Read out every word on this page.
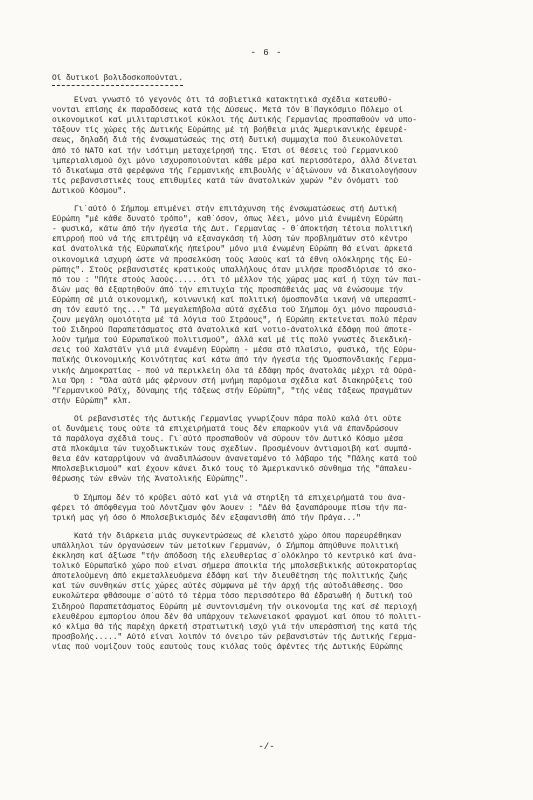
- 6 -
Οί δυτικοί βολιδοσκοπούνται.
Είναι γνωστό τό γεγονός ότι τά σοβιετικά κατακτητικά σχέδια κατευθύ-
νονται επίσης έκ παραδόσεως κατά τής Δύσεως. Μετά τόν Β΄Παγκόσμιο Πόλεμο οί
οικονομικοί καί μιλιταριστικοί κύκλοι τής Δυτικής Γερμανίας προσπαθούν νά υπο-
τάξουν τίς χώρες τής Δυτικής Εύρώπης μέ τή βοήθεια μιάς Άμερικανικής έφευρέ-
σεως, δηλαδή διά τής ένσωματώσεώς της στή δυτική συμμαχία πού διευκολύνεται
άπό τό ΝΑΤΟ καί τήν ισότιμη μεταχείρησή της. Έτσι οί θέσεις τού Γερμανικού
ιμπεριαλισμού όχι μόνο ισχυροποιούνται κάθε μέρα καί περισσότερο, άλλά δίνεται
τό δικαίωμα στά φερέφωνα τής Γερμανικής επιβουλής ν΄άξιώνουν νά δικαιολογήσουν
τίς ρεβανσιστικές τους επιθυμίες κατά τών άνατολικών χωρών "έν όνόματι τού
Δυτικού Κόσμου".
Γι΄αύτό ό Σήμπομ επιμένει στήν επιτάχυνση τής ένσωματώσεως στή Δυτική
Εύρώπη "μέ κάθε δυνατό τρόπο", καθ΄όσον, όπως λέει, μόνο μιά ένωμένη Εύρώπη
- φυσικά, κάτω άπό τήν ήγεσία τής Δυτ. Γερμανίας - θ΄άποκτήση τέτοια πολιτική
επιρροή πού νά τής επιτρέψη νά εξαναγκάση τή λύση τών προβλημάτων στό κέντρο
καί άνατολικά τής Εύρωπαϊκής ήπείρου" μόνο μιά ένωμένη Εύρώπη θά είναι άρκετά
οικονομικά ισχυρή ώστε νά προσελκύση τούς λαούς καί τά έθνη ολόκληρης τής Εύ-
ρώπης". Στούς ρεβανσιστές κρατικούς υπαλλήλους όταν μιλήσε προσδιόρισε τό σκο-
πό του : "Πήτε στούς λαούς..... ότι τό μέλλον τής χώρας μας καί ή τύχη τών παι-
διών μας θά έξαρτηθούν άπό τήν επιτυχία τής προσπάθειάς μας νά ένώσουμε τήν
Εύρώπη σέ μιά οικονομική, κοινωνική καί πολιτική όμοσπονδία ικανή νά υπερασπί-
ση τόν εαυτό της..." Τά μεγαλεπήβολα αύτά σχέδια τού Σήμπομ όχι μόνο παρουσιά-
ζουν μεγάλη ομοιότητα μέ τά λόγια τού Στράους", ή Εύρώπη εκτείνεται πολύ πέραν
τού Σιδηρού Παραπετάσματος στά άνατολικά καί νοτιο-άνατολικά έδάφη πού άποτε-
λούν τμήμα τού Εύρωπαϊκού πολιτισμού", άλλά καί μέ τίς πολύ γνωστές διεκδική-
σεις τού Χαλστάϊν γιά μιά ένωμένη Εύρώπη - μέσα στό πλαίσιο, φυσικά, τής Εύρω-
παϊκής Οικονομικής Κοινότητας καί κάτω άπό τήν ήγεσία τής Όμοσπονδιακής Γερμα-
νικής Δημοκρατίας - πού νά περικλείη όλα τά έδάφη πρός άνατολάς μέχρι τά Ούρά-
λια Όρη : "Όλα αύτά μάς φέρνουν στή μνήμη παρόμοια σχέδια καί διακηρύξεις τού
"Γερμανικού Ράϊχ, δύναμης τής τάξεως στήν Εύρώπη", "τής νέας τάξεως πραγμάτων
στήν Εύρώπη" κλπ.
Οί ρεβανσιστές τής Δυτικής Γερμανίας γνωρίζουν πάρα πολύ καλά ότι ούτε
οί δυνάμεις τους ούτε τά επιχειρήματά τους δέν επαρκούν γιά νά έπανδρώσουν
τά παράλογα σχέδιά τους. Γι΄αύτό προσπαθούν νά σύρουν τόν Δυτικό Κόσμο μέσα
στά πλοκάμια τών τυχοδιωκτικών τους σχεδίων. Προσμένουν άντιαμοιβή καί συμπά-
θεια έάν καταρρίψουν νά άναδιπλώσουν άνανεταμένο τό λάβαρο τής "Πάλης κατά τού
Μπολσεβικισμού" καί έχουν κάνει δικό τους τό Άμερικανικό σύνθημα τής "άπαλευ-
θέρωσης τών εθνών τής Άνατολικής Εύρώπης".
Ό Σήμπομ δέν τό κρύβει αύτό καί γιά νά στηρίξη τά επιχειρήματά του άνα-
φέρει τό άπόφθεγμα τού Λόντζμαν φόν Άουεν : "Δέν θά ξαναπάρουμε πίσω τήν πα-
τρική μας γή όσο ό Μπολσεβικισμός δέν εξαφανισθή άπό τήν Πράγα..."
Κατά τήν διάρκεια μιάς συγκεντρώσεως σέ κλειστό χώρο όπου παρευρέθηκαν
υπάλληλοι τών όργανώσεων τών μετοίκων Γερμανών, ό Σήμπομ άπηύθυνε πολιτική
έκκληση καί άξίωσε "τήν άπόδοση τής ελευθερίας σ΄ολόκληρο τό κεντρικό καί άνα-
τολικό Εύρωπαϊκό χώρο πού είναι σήμερα άποικία τής μπολσεβικικής αύτοκρατορίας
άποτελούμενη άπό εκμεταλλευόμενα έδάφη καί τήν διευθέτηση τής πολιτικής ζωής
καί τών συνθηκών στίς χώρες αύτές σύμφωνα μέ τήν άρχή τής αύτοδιάθεσης. Όσο
ευκολώτερα φθάσουμε σ΄αύτό τό τέρμα τόσο περισσότερο θά έδραιωθή ή δυτική τού
Σιδηρού Παραπετάσματος Εύρώπη μέ συντονισμένη τήν οικονομία της καί σέ περιοχή
ελευθέρου εμπορίου όπου δέν θά υπάρχουν τελωνειακοί φραγμοί καί όπου τό πολιτι-
κό κλίμα θά τής παρέχη άρκετή στρατιωτική ισχύ γιά τήν υπεράσπισή της κατά τής
προσβολής....." Αύτό είναι λοιπόν τό όνειρο τών ρεβανσιστών τής Δυτικής Γερμα-
νίας πού νομίζουν τούς εαυτούς τους κιόλας τούς άφέντες τής Δυτικής Εύρώπης
-/-
